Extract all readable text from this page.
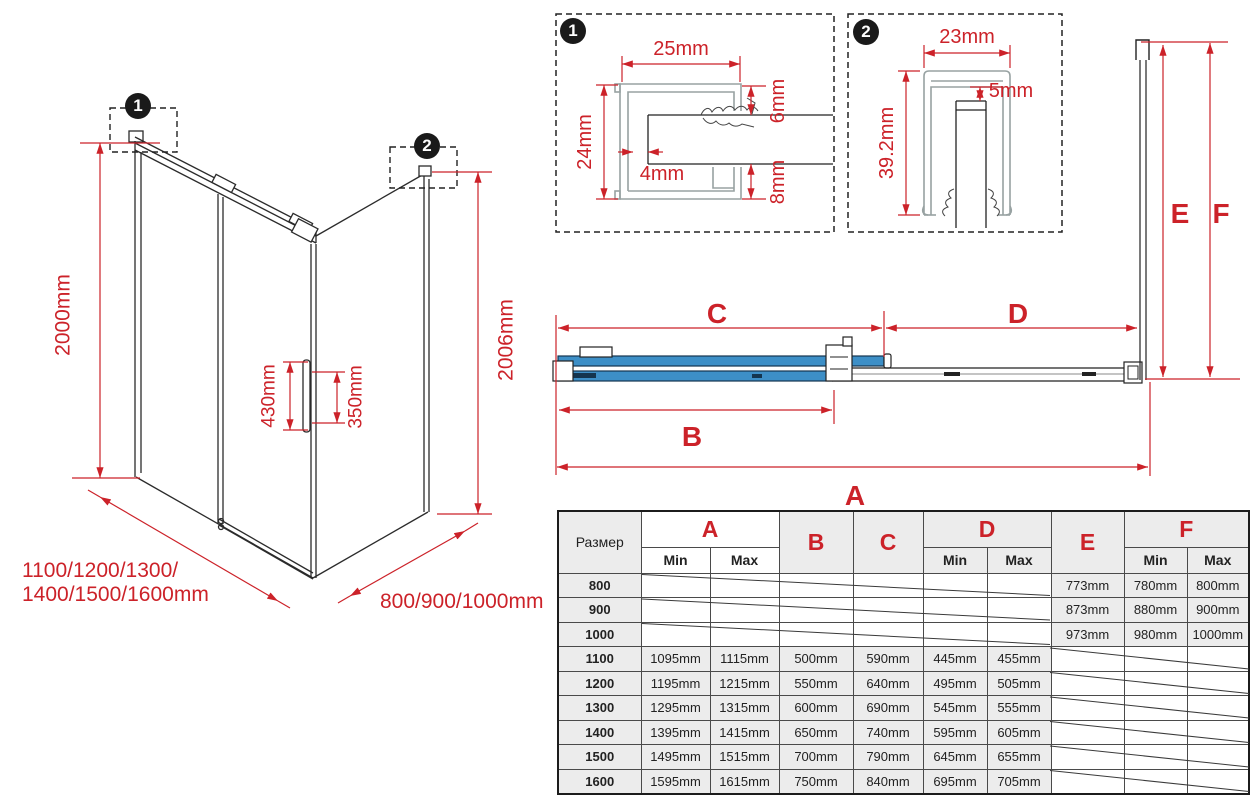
1
2
1	2
2000mm	2006mm
430mm	350mm
1100/1200/1300/
1400/1500/1600mm	800/900/1000mm
25mm
24mm
6mm
8mm
4mm
23mm
39.2mm
5mm
C	D
B
A
E F
Размер	A		B	C	D		E	F	
	Min	Max			Min	Max		Min	Max
800							773mm	780mm	800mm
900							873mm	880mm	900mm
1000							973mm	980mm	1000mm
1100	1095mm	1115mm	500mm	590mm	445mm	455mm			
1200	1195mm	1215mm	550mm	640mm	495mm	505mm			
1300	1295mm	1315mm	600mm	690mm	545mm	555mm			
1400	1395mm	1415mm	650mm	740mm	595mm	605mm			
1500	1495mm	1515mm	700mm	790mm	645mm	655mm			
1600	1595mm	1615mm	750mm	840mm	695mm	705mm			
